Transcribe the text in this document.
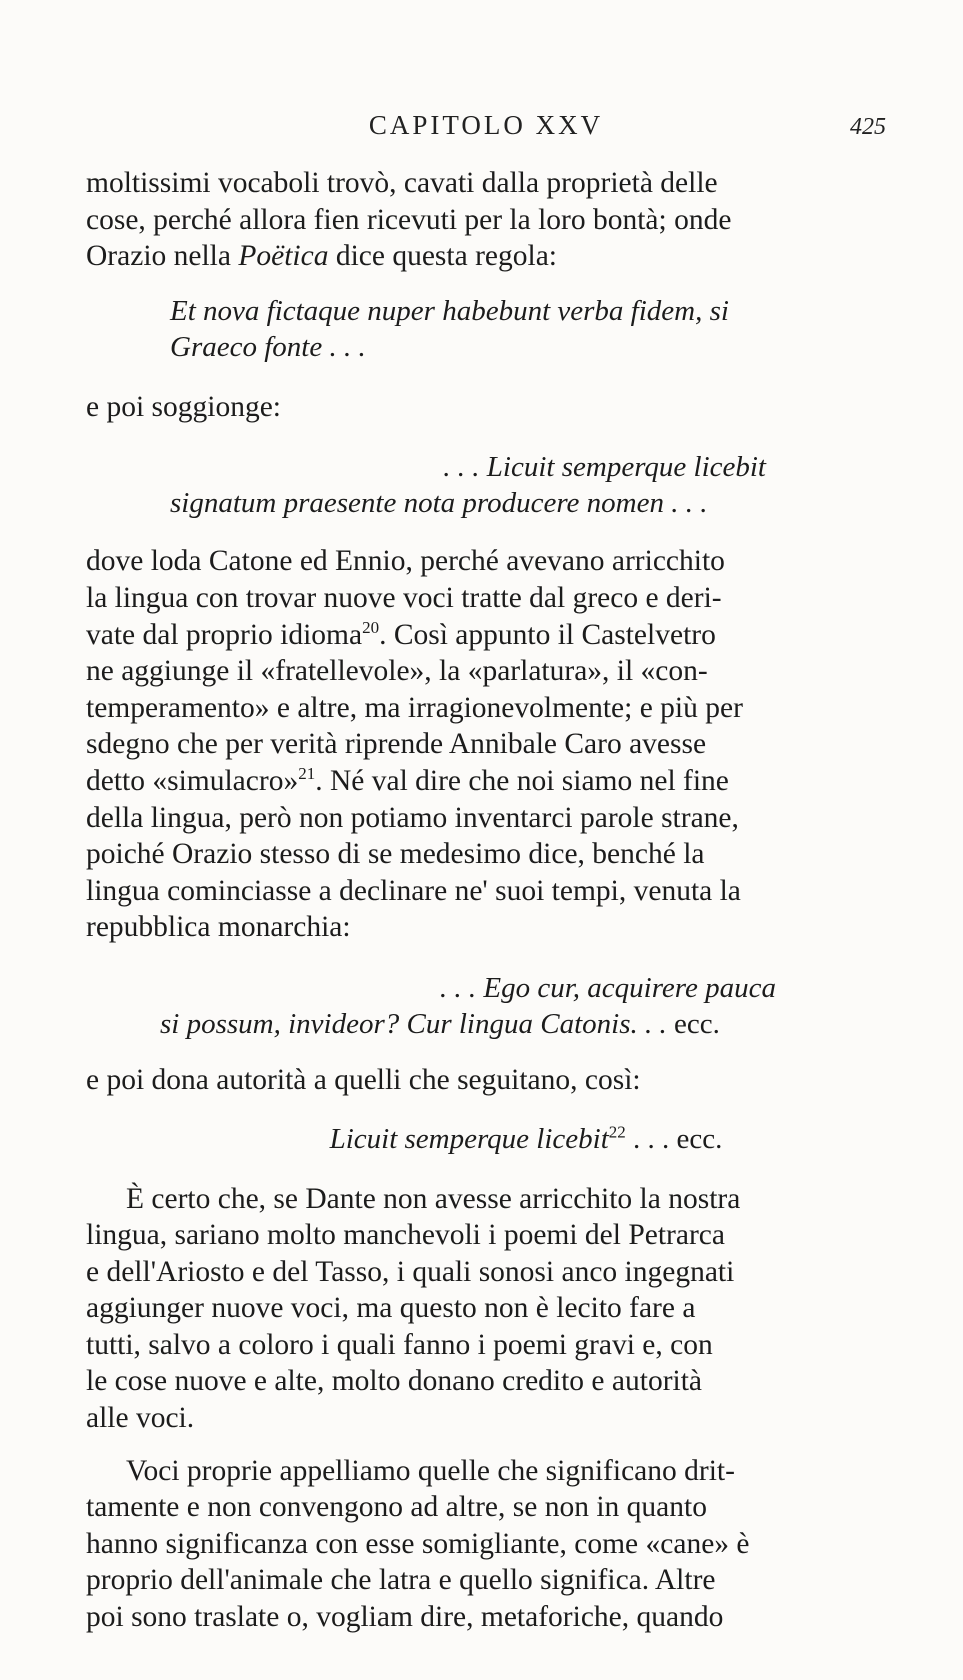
CAPITOLO XXV	425

moltissimi vocaboli trovò, cavati dalla proprietà delle
cose, perché allora fien ricevuti per la loro bontà; onde
Orazio nella Poëtica dice questa regola:

Et nova fictaque nuper habebunt verba fidem, si
Graeco fonte . . .

e poi soggionge:

. . . Licuit semperque licebit
signatum praesente nota producere nomen . . .

dove loda Catone ed Ennio, perché avevano arricchito
la lingua con trovar nuove voci tratte dal greco e deri-
vate dal proprio idioma$^{20}$. Così appunto il Castelvetro
ne aggiunge il «fratellevole», la «parlatura», il «con-
temperamento» e altre, ma irragionevolmente; e più per
sdegno che per verità riprende Annibale Caro avesse
detto «simulacro»$^{21}$. Né val dire che noi siamo nel fine
della lingua, però non potiamo inventarci parole strane,
poiché Orazio stesso di se medesimo dice, benché la
lingua cominciasse a declinare ne' suoi tempi, venuta la
repubblica monarchia:

. . . Ego cur, acquirere pauca
si possum, invideor? Cur lingua Catonis. . . ecc.

e poi dona autorità a quelli che seguitano, così:

Licuit semperque licebit$^{22}$ . . . ecc.

È certo che, se Dante non avesse arricchito la nostra
lingua, sariano molto manchevoli i poemi del Petrarca
e dell'Ariosto e del Tasso, i quali sonosi anco ingegnati
aggiunger nuove voci, ma questo non è lecito fare a
tutti, salvo a coloro i quali fanno i poemi gravi e, con
le cose nuove e alte, molto donano credito e autorità
alle voci.

Voci proprie appelliamo quelle che significano drit-
tamente e non convengono ad altre, se non in quanto
hanno significanza con esse somigliante, come «cane» è
proprio dell'animale che latra e quello significa. Altre
poi sono traslate o, vogliam dire, metaforiche, quando
